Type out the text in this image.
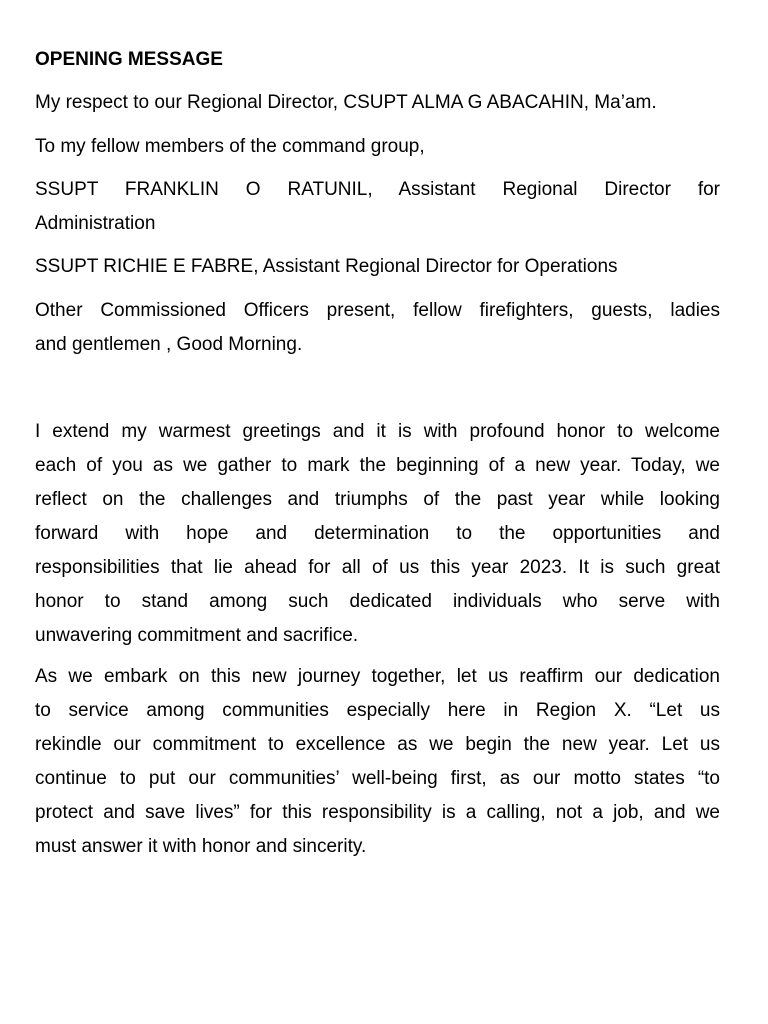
OPENING MESSAGE

My respect to our Regional Director, CSUPT ALMA G ABACAHIN, Ma’am.

To my fellow members of the command group,

SSUPT FRANKLIN O RATUNIL, Assistant Regional Director for

Administration

SSUPT RICHIE E FABRE, Assistant Regional Director for Operations

Other Commissioned Officers present, fellow firefighters, guests, ladies

and gentlemen , Good Morning.

I extend my warmest greetings and it is with profound honor to welcome

each of you as we gather to mark the beginning of a new year. Today, we

reflect on the challenges and triumphs of the past year while looking

forward with hope and determination to the opportunities and

responsibilities that lie ahead for all of us this year 2023. It is such great

honor to stand among such dedicated individuals who serve with

unwavering commitment and sacrifice.

As we embark on this new journey together, let us reaffirm our dedication

to service among communities especially here in Region X. “Let us

rekindle our commitment to excellence as we begin the new year. Let us

continue to put our communities’ well-being first, as our motto states “to

protect and save lives” for this responsibility is a calling, not a job, and we

must answer it with honor and sincerity.
